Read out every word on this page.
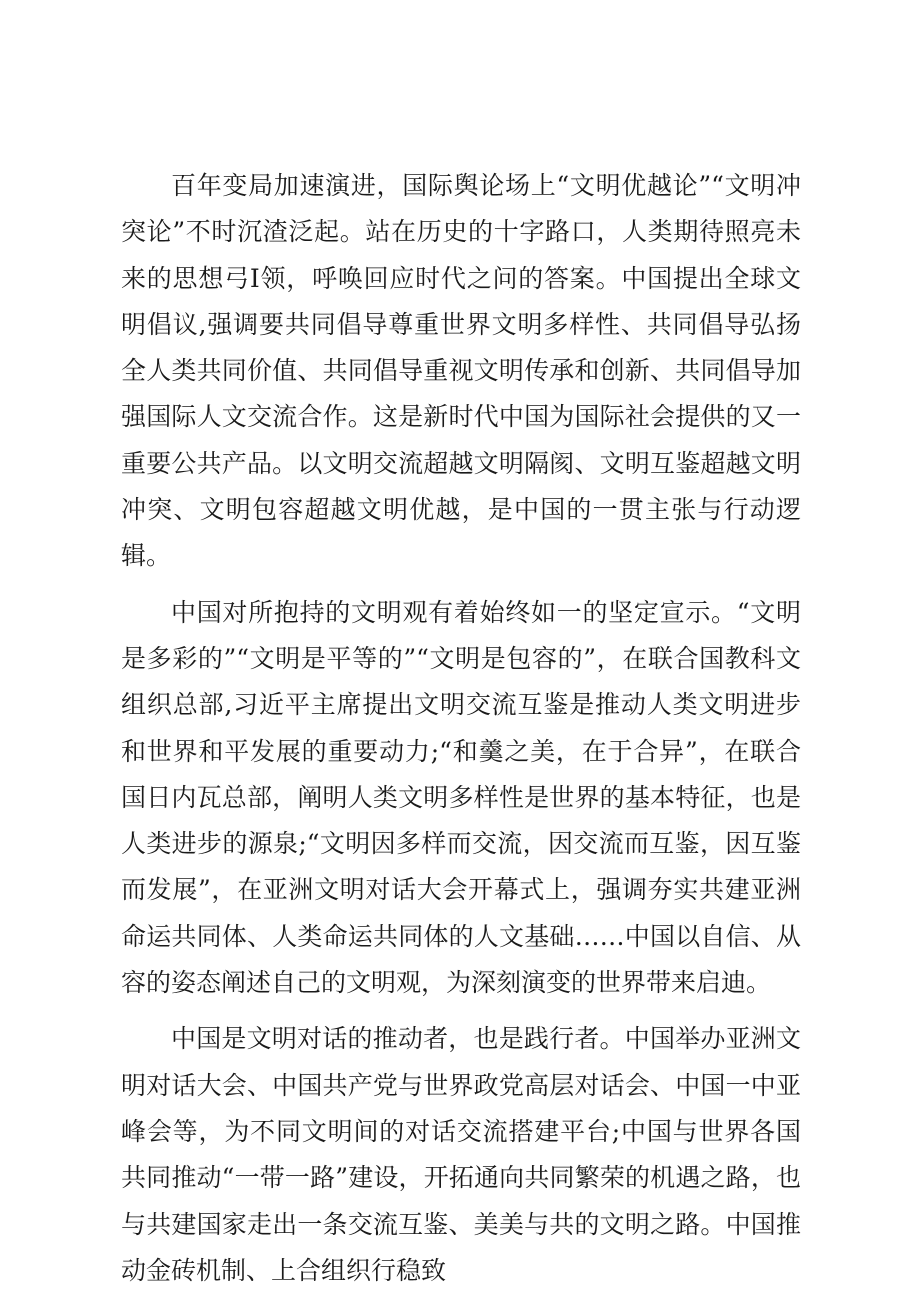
百年变局加速演进，国际舆论场上“文明优越论”“文明冲突论”不时沉渣泛起。站在历史的十字路口，人类期待照亮未来的思想弓I领，呼唤回应时代之问的答案。中国提出全球文明倡议,强调要共同倡导尊重世界文明多样性、共同倡导弘扬全人类共同价值、共同倡导重视文明传承和创新、共同倡导加强国际人文交流合作。这是新时代中国为国际社会提供的又一重要公共产品。以文明交流超越文明隔阂、文明互鉴超越文明冲突、文明包容超越文明优越，是中国的一贯主张与行动逻辑。

中国对所抱持的文明观有着始终如一的坚定宣示。“文明是多彩的”“文明是平等的”“文明是包容的”，在联合国教科文组织总部,习近平主席提出文明交流互鉴是推动人类文明进步和世界和平发展的重要动力;“和羹之美，在于合异”，在联合国日内瓦总部，阐明人类文明多样性是世界的基本特征，也是人类进步的源泉;“文明因多样而交流，因交流而互鉴，因互鉴而发展”，在亚洲文明对话大会开幕式上，强调夯实共建亚洲命运共同体、人类命运共同体的人文基础……中国以自信、从容的姿态阐述自己的文明观，为深刻演变的世界带来启迪。

中国是文明对话的推动者，也是践行者。中国举办亚洲文明对话大会、中国共产党与世界政党高层对话会、中国一中亚峰会等，为不同文明间的对话交流搭建平台;中国与世界各国共同推动“一带一路”建设，开拓通向共同繁荣的机遇之路，也与共建国家走出一条交流互鉴、美美与共的文明之路。中国推动金砖机制、上合组织行稳致
